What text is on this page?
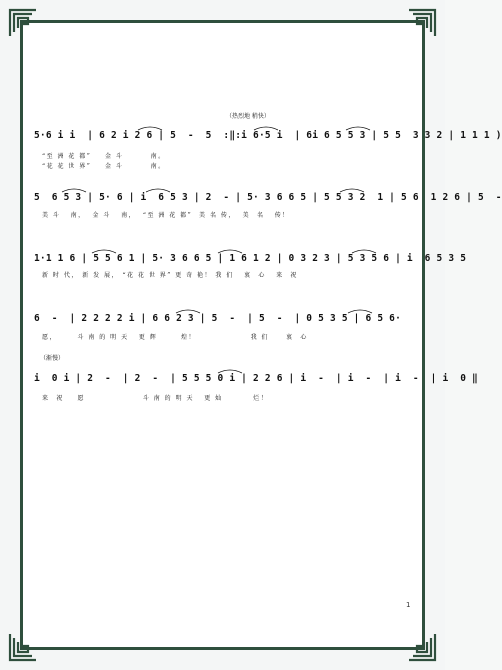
（热烈地 稍快）
5·6 i i  | 6 2 i 2 6 | 5  -  5  :‖:i 6·5 i  | 6i 6 5 5 3 | 5 5  3 3 2 | 1 1 1 )
“至 洲 花 都”    金 斗        南。
“花 花 世 界”    金 斗        南。
5  6 5 3 | 5· 6 | i  6 5 3 | 2  - | 5· 3 6 6 5 | 5 5 3 2  1 | 5 6  1 2 6 | 5  -
美 斗   南，  金 斗   南，  “至 洲 花 都”  美 名 传，  美  名   传！
1·1 1 6 | 5 5 6 1 | 5· 3 6 6 5 | 1 6 1 2 | 0 3 2 3 | 5 3 5 6 | i  6 5 3 5
新 时 代， 新 发 展， “花 花 世 界” 更 奇 艳！ 我 们   衷  心   来  祝
6  -  | 2 2 2 2 i | 6 6 2 3 | 5  -  | 5  -  | 0 5 3 5 | 6 5 6·
愿，      斗 南 的 明 天   更 辉       煌！                我 们     衷  心
（渐慢）
i  0 i | 2  -  | 2  -  | 5 5 5 0 i | 2 2 6 | i  -  | i  -  | i  -  | i  0 ‖
来  祝    愿                 斗 南 的 明 天   更 灿         烂！
1
